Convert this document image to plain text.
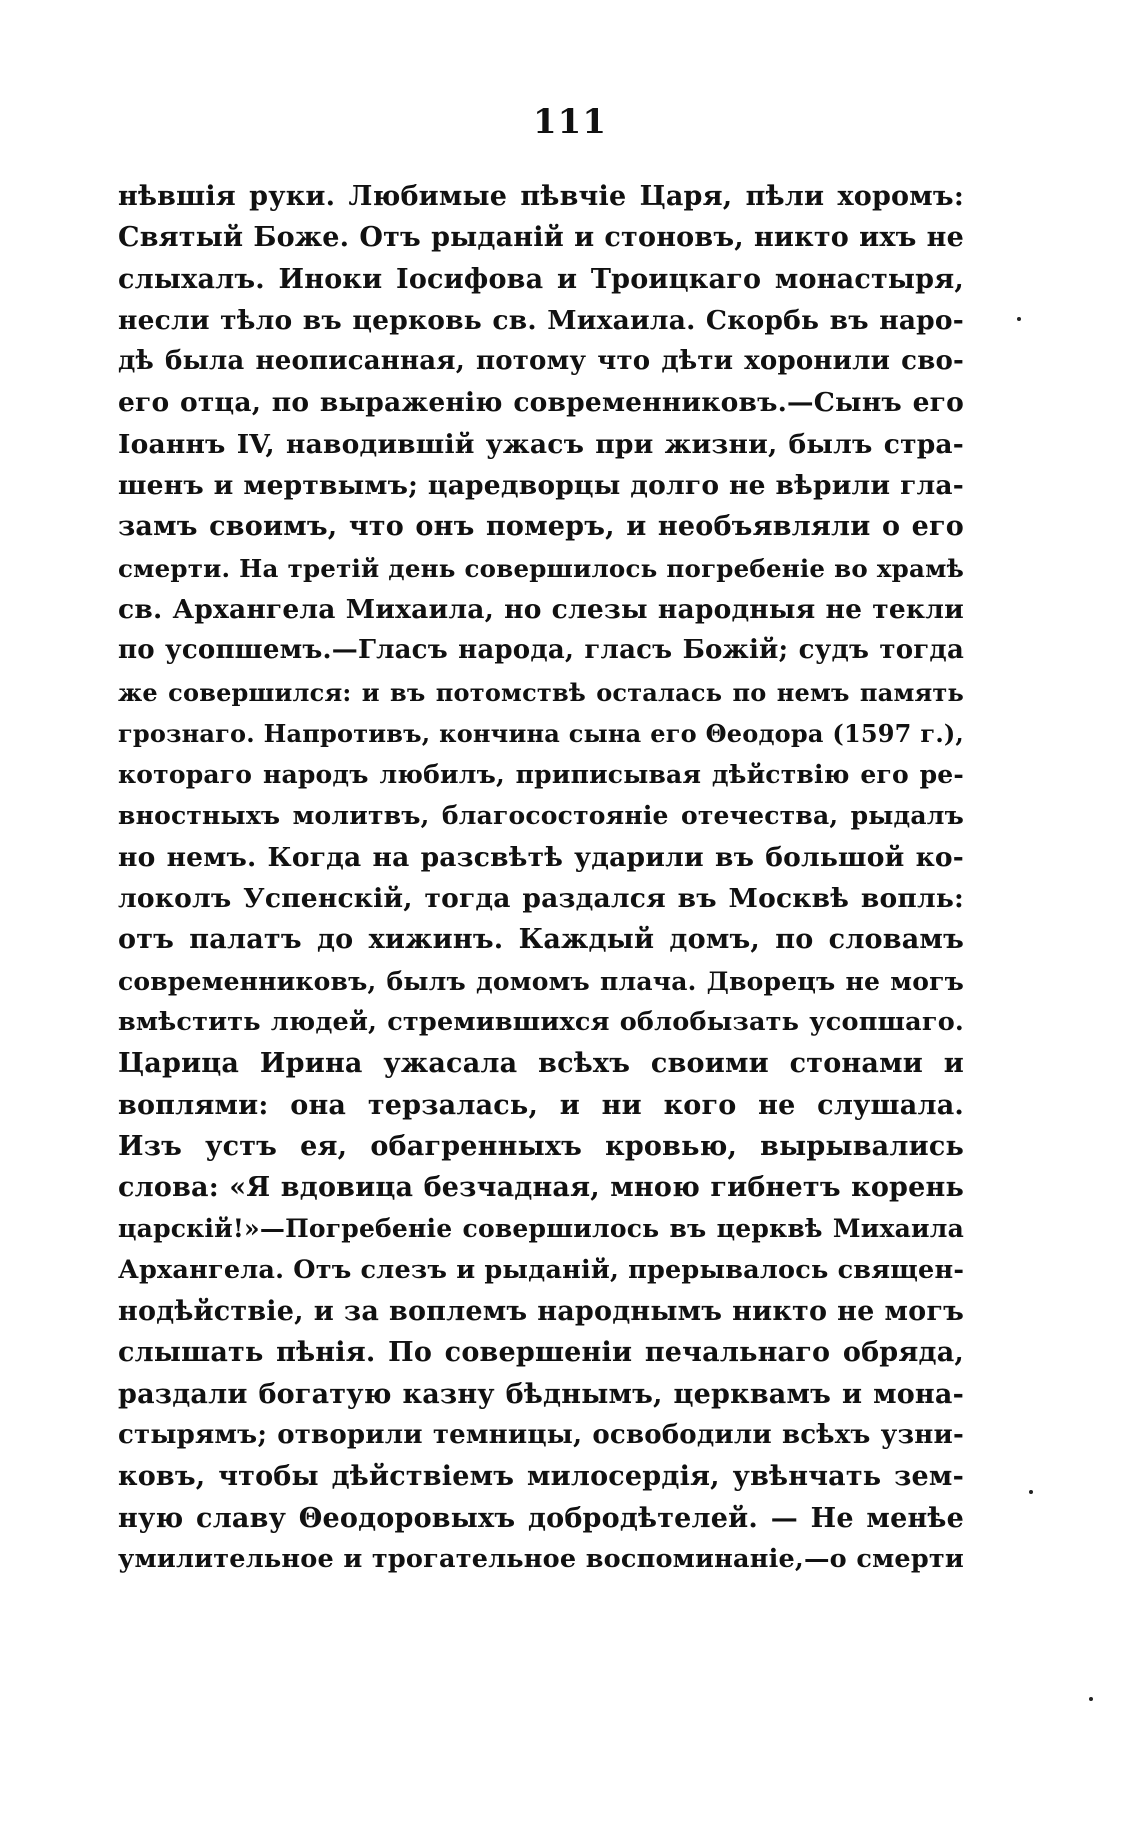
111
нѣвшія руки. Любимые пѣвчіе Царя, пѣли хоромъ:
Святый Боже. Отъ рыданій и стоновъ, никто ихъ не
слыхалъ. Иноки Іосифова и Троицкаго монастыря,
несли тѣло въ церковь св. Михаила. Скорбь въ наро-
дѣ была неописанная, потому что дѣти хоронили сво-
его отца, по выраженію современниковъ.—Сынъ его
Іоаннъ IV, наводившій ужасъ при жизни, былъ стра-
шенъ и мертвымъ; царедворцы долго не вѣрили гла-
замъ своимъ, что онъ померъ, и необъявляли о его
смерти. На третій день совершилось погребеніе во храмѣ
св. Архангела Михаила, но слезы народныя не текли
по усопшемъ.—Гласъ народа, гласъ Божій; судъ тогда
же совершился: и въ потомствѣ осталась по немъ память
грознаго. Напротивъ, кончина сына его Θеодора (1597 г.),
котораго народъ любилъ, приписывая дѣйствію его ре-
вностныхъ молитвъ, благосостояніе отечества, рыдалъ
но немъ. Когда на разсвѣтѣ ударили въ большой ко-
локолъ Успенскій, тогда раздался въ Москвѣ вопль:
отъ палатъ до хижинъ. Каждый домъ, по словамъ
современниковъ, былъ домомъ плача. Дворецъ не могъ
вмѣстить людей, стремившихся облобызать усопшаго.
Царица Ирина ужасала всѣхъ своими стонами и
воплями: она терзалась, и ни кого не слушала.
Изъ устъ ея, обагренныхъ кровью, вырывались
слова: «Я вдовица безчадная, мною гибнетъ корень
царскій!»—Погребеніе совершилось въ церквѣ Михаила
Архангела. Отъ слезъ и рыданій, прерывалось священ-
нодѣйствіе, и за воплемъ народнымъ никто не могъ
слышать пѣнія. По совершеніи печальнаго обряда,
раздали богатую казну бѣднымъ, церквамъ и мона-
стырямъ; отворили темницы, освободили всѣхъ узни-
ковъ, чтобы дѣйствіемъ милосердія, увѣнчать зем-
ную славу Θеодоровыхъ добродѣтелей. — Не менѣе
умилительное и трогательное воспоминаніе,—о смерти
